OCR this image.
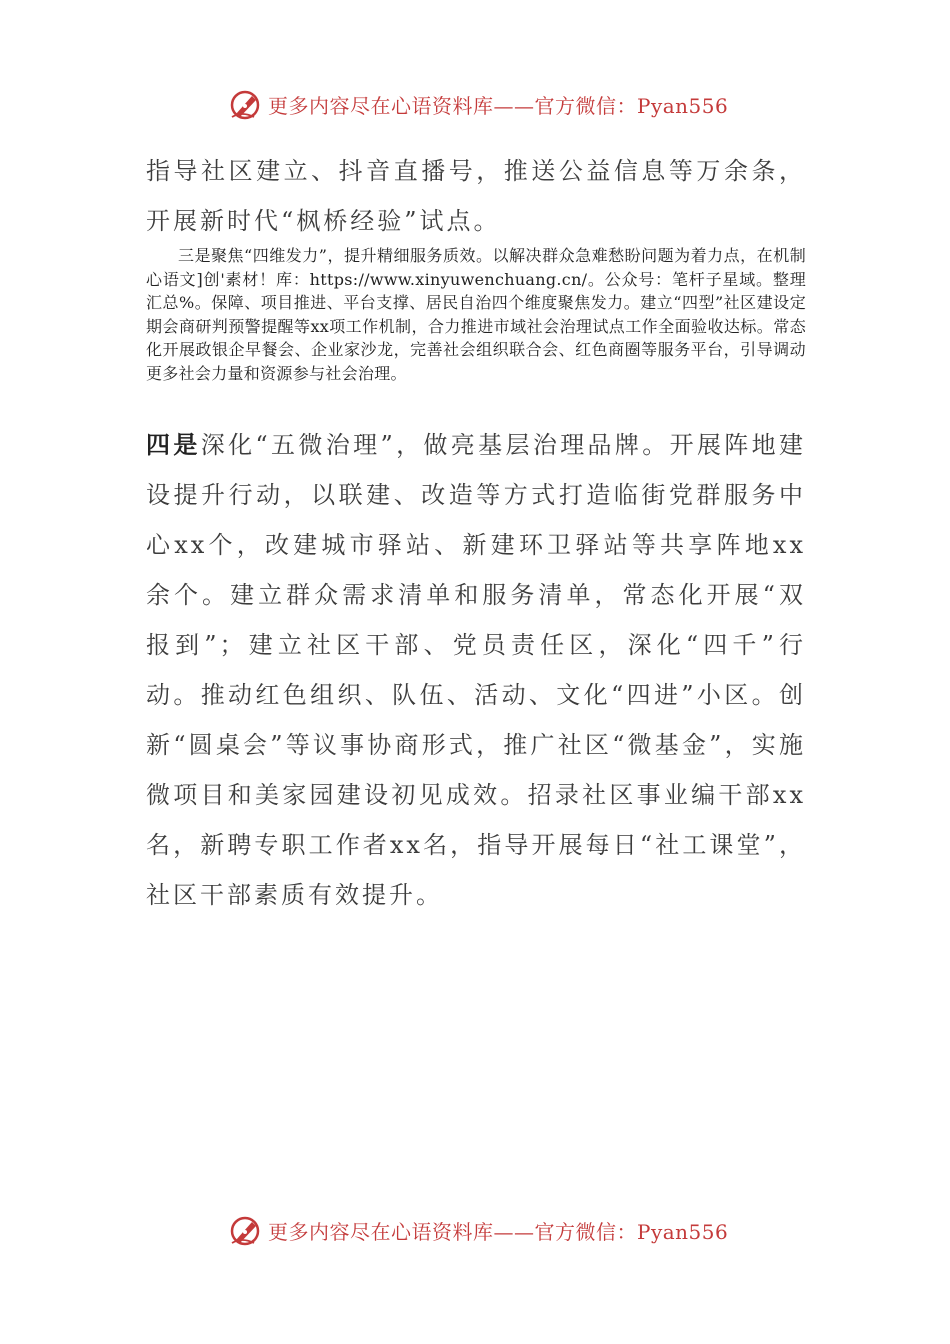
更多内容尽在心语资料库——官方微信：Pyan556

指导社区建立、抖音直播号，推送公益信息等万余条，开展新时代“枫桥经验”试点。

三是聚焦“四维发力”，提升精细服务质效。以解决群众急难愁盼问题为着力点，在机制心语文]创'素材！库：https://www.xinyuwenchuang.cn/。公众号：笔杆子星域。整理汇总%。保障、项目推进、平台支撑、居民自治四个维度聚焦发力。建立“四型”社区建设定期会商研判预警提醒等xx项工作机制，合力推进市域社会治理试点工作全面验收达标。常态化开展政银企早餐会、企业家沙龙，完善社会组织联合会、红色商圈等服务平台，引导调动更多社会力量和资源参与社会治理。

四是深化“五微治理”，做亮基层治理品牌。开展阵地建设提升行动，以联建、改造等方式打造临街党群服务中心xx个，改建城市驿站、新建环卫驿站等共享阵地xx余个。建立群众需求清单和服务清单，常态化开展“双报到”；建立社区干部、党员责任区，深化“四千”行动。推动红色组织、队伍、活动、文化“四进”小区。创新“圆桌会”等议事协商形式，推广社区“微基金”，实施微项目和美家园建设初见成效。招录社区事业编干部xx名，新聘专职工作者xx名，指导开展每日“社工课堂”，社区干部素质有效提升。

更多内容尽在心语资料库——官方微信：Pyan556
